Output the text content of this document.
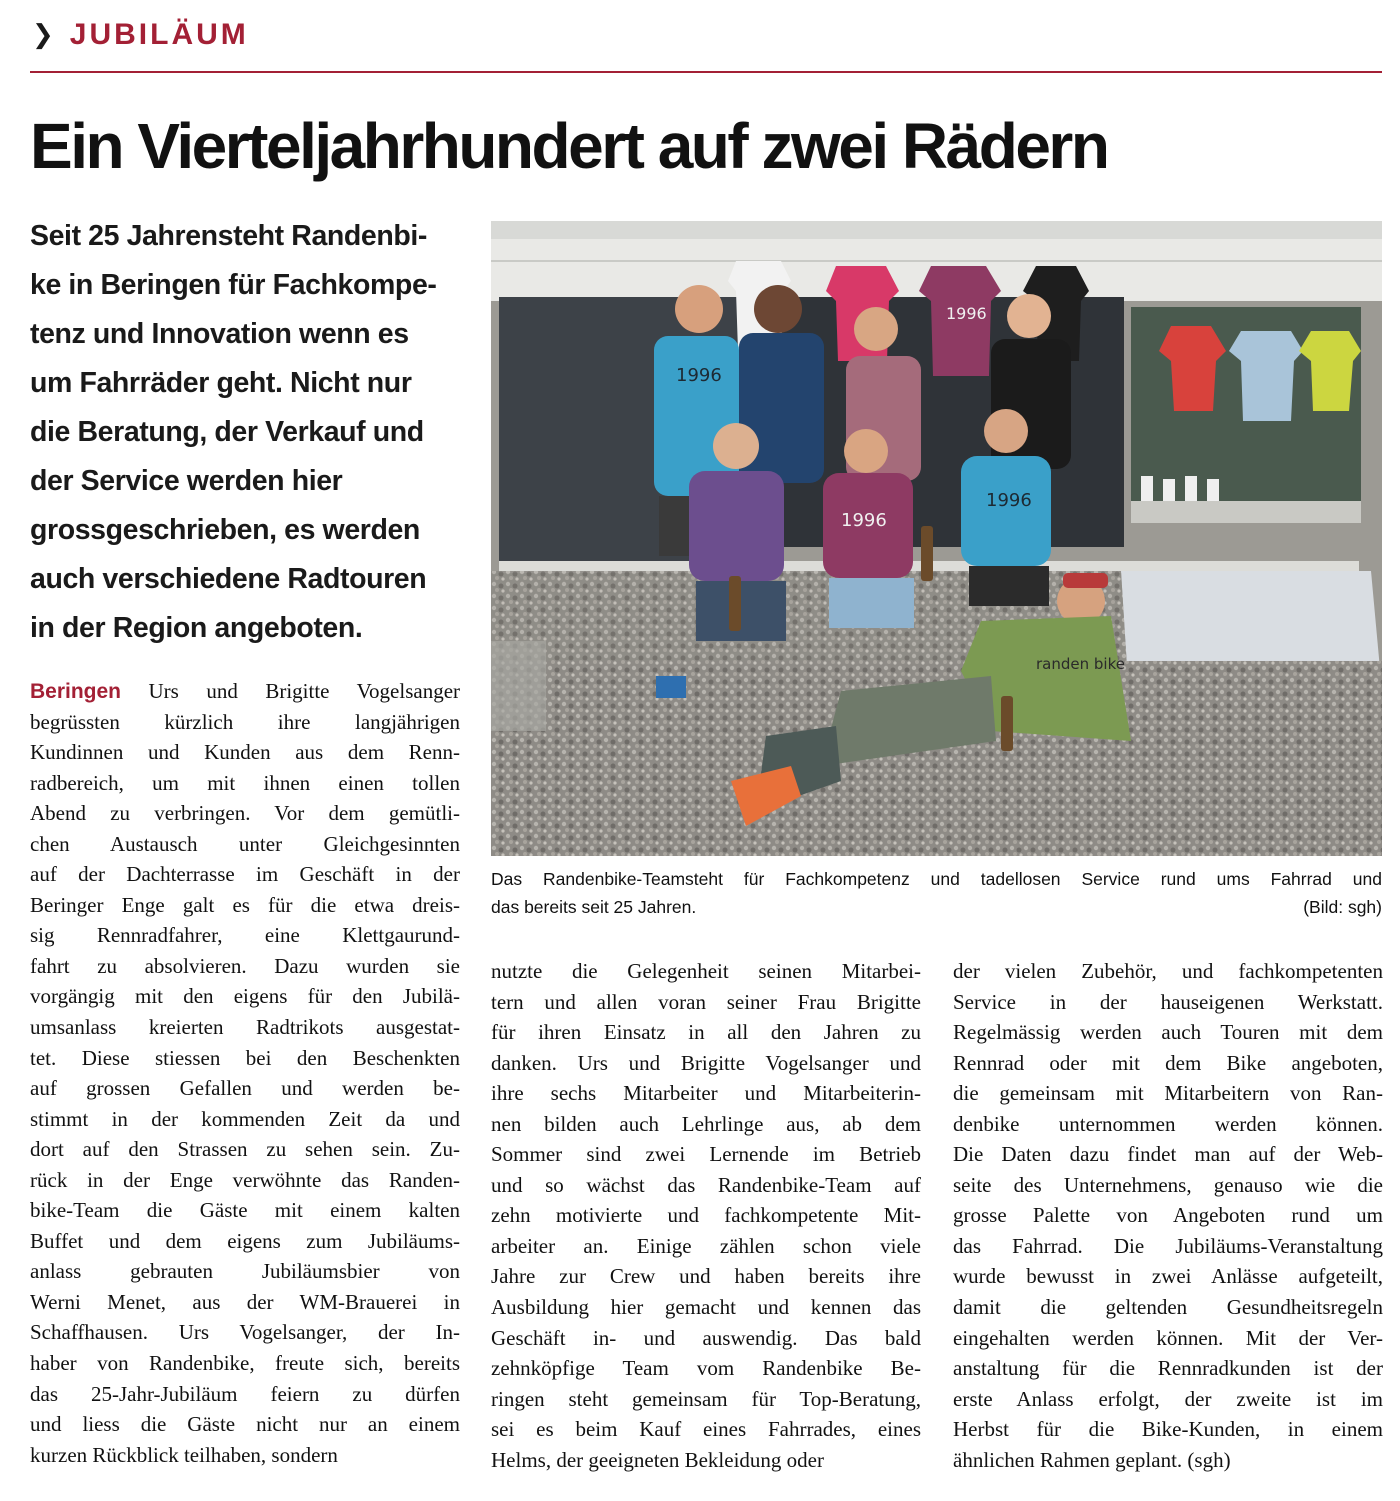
❯ JUBILÄUM
Ein Vierteljahrhundert auf zwei Rädern
Seit 25 Jahrensteht Randenbi-
ke in Beringen für Fachkompe-
tenz und Innovation wenn es
um Fahrräder geht. Nicht nur
die Beratung, der Verkauf und
der Service werden hier
grossgeschrieben, es werden
auch verschiedene Radtouren
in der Region angeboten.
1996
1996
1996
1996
randen bike
Das Randenbike-Teamsteht für Fachkompetenz und tadellosen Service rund ums Fahrrad und
das bereits seit 25 Jahren.	(Bild: sgh)
Beringen Urs und Brigitte Vogelsanger
begrüssten kürzlich ihre langjährigen
Kundinnen und Kunden aus dem Renn-
radbereich, um mit ihnen einen tollen
Abend zu verbringen. Vor dem gemütli-
chen Austausch unter Gleichgesinnten
auf der Dachterrasse im Geschäft in der
Beringer Enge galt es für die etwa dreis-
sig Rennradfahrer, eine Klettgaurund-
fahrt zu absolvieren. Dazu wurden sie
vorgängig mit den eigens für den Jubilä-
umsanlass kreierten Radtrikots ausgestat-
tet. Diese stiessen bei den Beschenkten
auf grossen Gefallen und werden be-
stimmt in der kommenden Zeit da und
dort auf den Strassen zu sehen sein. Zu-
rück in der Enge verwöhnte das Randen-
bike-Team die Gäste mit einem kalten
Buffet und dem eigens zum Jubiläums-
anlass gebrauten Jubiläumsbier von
Werni Menet, aus der WM-Brauerei in
Schaffhausen. Urs Vogelsanger, der In-
haber von Randenbike, freute sich, bereits
das 25-Jahr-Jubiläum feiern zu dürfen
und liess die Gäste nicht nur an einem
kurzen Rückblick teilhaben, sondern
nutzte die Gelegenheit seinen Mitarbei-
tern und allen voran seiner Frau Brigitte
für ihren Einsatz in all den Jahren zu
danken. Urs und Brigitte Vogelsanger und
ihre sechs Mitarbeiter und Mitarbeiterin-
nen bilden auch Lehrlinge aus, ab dem
Sommer sind zwei Lernende im Betrieb
und so wächst das Randenbike-Team auf
zehn motivierte und fachkompetente Mit-
arbeiter an. Einige zählen schon viele
Jahre zur Crew und haben bereits ihre
Ausbildung hier gemacht und kennen das
Geschäft in- und auswendig. Das bald
zehnköpfige Team vom Randenbike Be-
ringen steht gemeinsam für Top-Beratung,
sei es beim Kauf eines Fahrrades, eines
Helms, der geeigneten Bekleidung oder
der vielen Zubehör, und fachkompetenten
Service in der hauseigenen Werkstatt.
Regelmässig werden auch Touren mit dem
Rennrad oder mit dem Bike angeboten,
die gemeinsam mit Mitarbeitern von Ran-
denbike unternommen werden können.
Die Daten dazu findet man auf der Web-
seite des Unternehmens, genauso wie die
grosse Palette von Angeboten rund um
das Fahrrad. Die Jubiläums-Veranstaltung
wurde bewusst in zwei Anlässe aufgeteilt,
damit die geltenden Gesundheitsregeln
eingehalten werden können. Mit der Ver-
anstaltung für die Rennradkunden ist der
erste Anlass erfolgt, der zweite ist im
Herbst für die Bike-Kunden, in einem
ähnlichen Rahmen geplant. (sgh)
